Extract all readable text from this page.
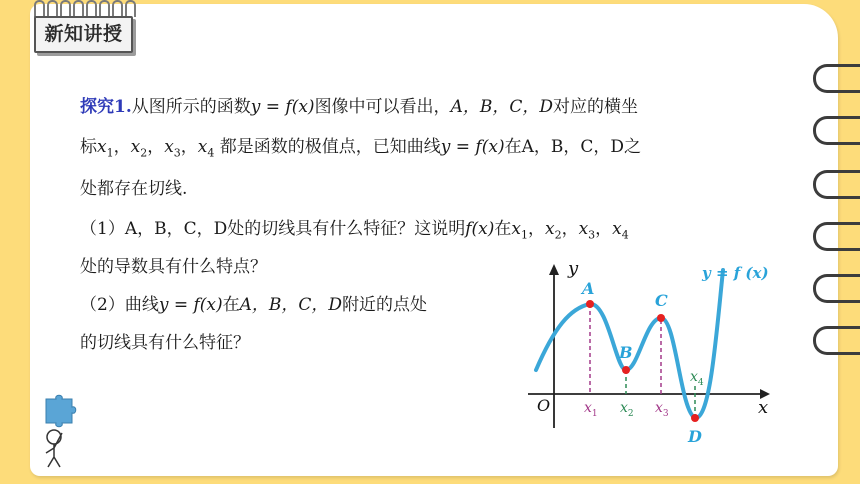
新知讲授
探究1.从图所示的函数y = f(x)图像中可以看出，A，B，C，D对应的横坐
标$x_1$，$x_2$，$x_3$，$x_4$ 都是函数的极值点，已知曲线y = f(x)在A，B，C，D之
处都存在切线.
（1）A，B，C，D处的切线具有什么特征？这说明f(x)在$x_1$，$x_2$，$x_3$，$x_4$
处的导数具有什么特点？
（2）曲线y = f(x)在A，B，C，D附近的点处
的切线具有什么特征？
y
x
O
y = f (x)
A
B
C
D
$x_1$ $x_2$ $x_3$
$x_4$
